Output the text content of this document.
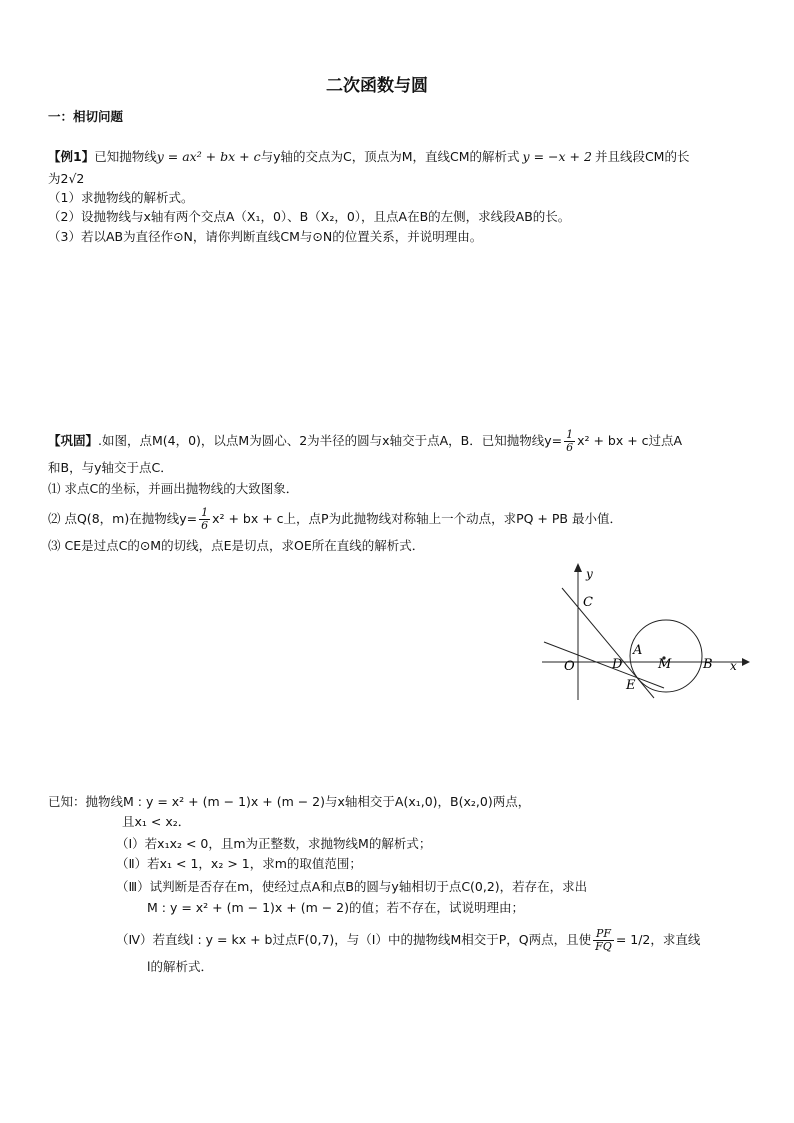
二次函数与圆
一：相切问题
【例1】已知抛物线y = ax² + bx + c与y轴的交点为C，顶点为M，直线CM的解析式 y = −x + 2 并且线段CM的长
为2√2
（1）求抛物线的解析式。
（2）设抛物线与x轴有两个交点A（X₁，0）、B（X₂，0），且点A在B的左侧，求线段AB的长。
（3）若以AB为直径作⊙N，请你判断直线CM与⊙N的位置关系，并说明理由。
【巩固】.如图，点M(4，0)，以点M为圆心、2为半径的圆与x轴交于点A，B．已知抛物线$y= \frac{1}{6} x^2$ + bx + c过点A
和B，与y轴交于点C．
⑴ 求点C的坐标，并画出抛物线的大致图象．
⑵ 点Q(8，m)在抛物线$y= \frac{1}{6} x^2$ + bx + c上，点P为此抛物线对称轴上一个动点，求PQ + PB 最小值．
⑶ CE是过点C的⊙M的切线，点E是切点，求OE所在直线的解析式．
y
C
A
O	D	M B x
E
已知：抛物线M : y = x² + (m − 1)x + (m − 2)与x轴相交于A(x₁,0)，B(x₂,0)两点，
且x₁ < x₂．
（Ⅰ）若x₁x₂ < 0，且m为正整数，求抛物线M的解析式；
（Ⅱ）若x₁ < 1，x₂ > 1，求m的取值范围；
（Ⅲ）试判断是否存在m，使经过点A和点B的圆与y轴相切于点C(0,2)，若存在，求出
M : y = x² + (m − 1)x + (m − 2)的值；若不存在，试说明理由；
（Ⅳ）若直线l : y = kx + b过点F(0,7)，与（Ⅰ）中的抛物线M相交于P，Q两点，且使 $\frac{PF}{FQ} = 1/2$，求直线
l的解析式．
